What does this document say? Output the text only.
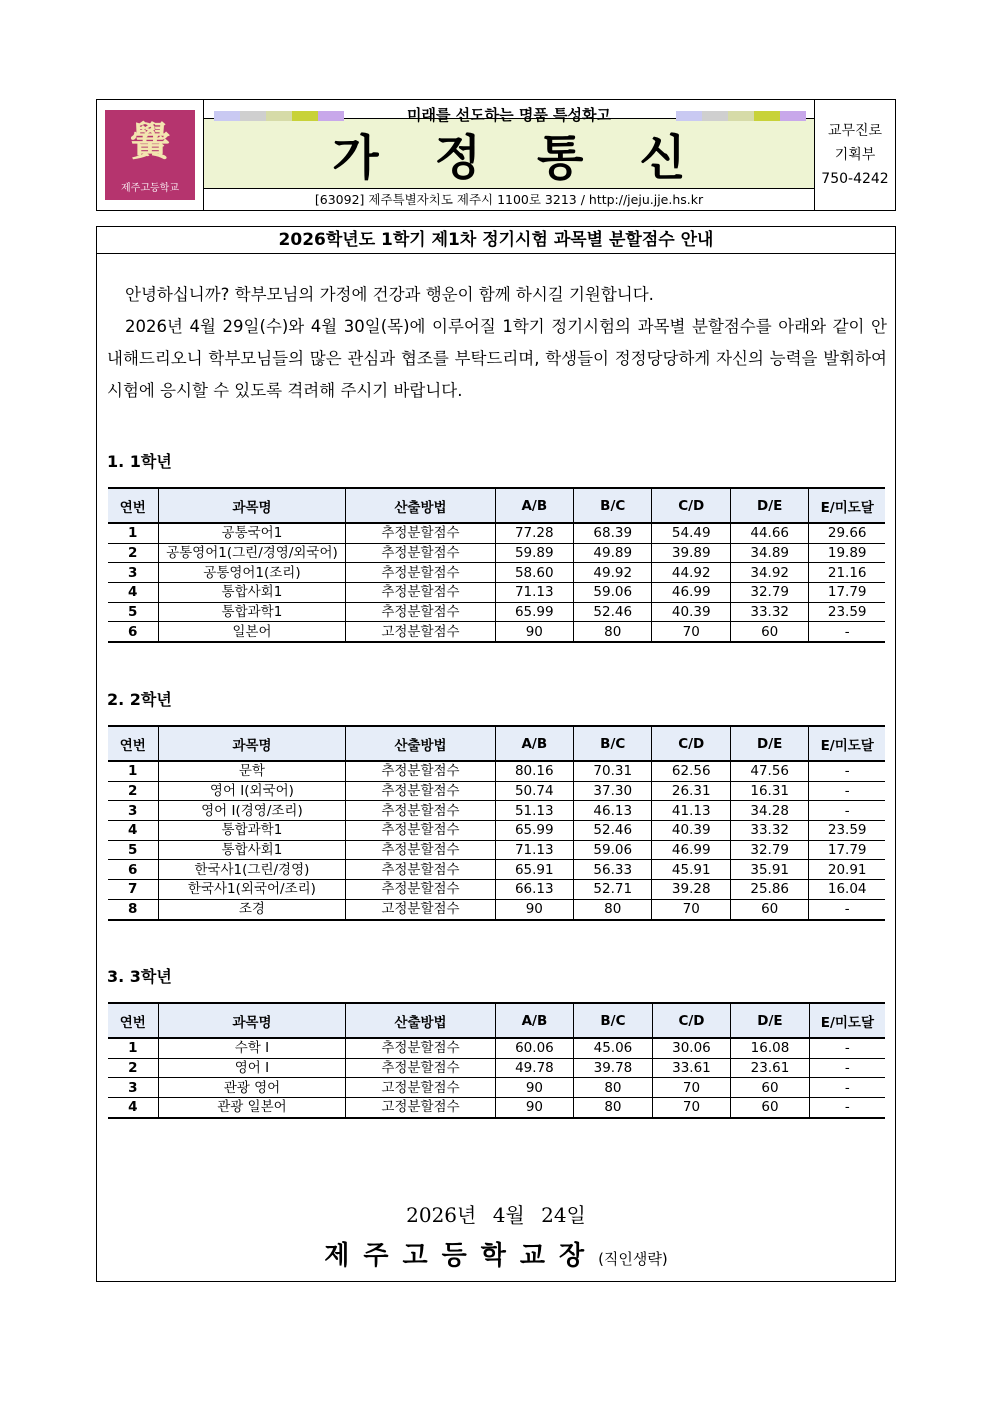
黌
제주고등학교
미래를 선도하는 명품 특성화고
가정통신
[63092] 제주특별자치도 제주시 1100로 3213 / http://jeju.jje.hs.kr
교무진로
기획부
750-4242
2026학년도 1학기 제1차 정기시험 과목별 분할점수 안내
안녕하십니까? 학부모님의 가정에 건강과 행운이 함께 하시길 기원합니다.
2026년 4월 29일(수)와 4월 30일(목)에 이루어질 1학기 정기시험의 과목별 분할점수를 아래와 같이 안내해드리오니 학부모님들의 많은 관심과 협조를 부탁드리며, 학생들이 정정당당하게 자신의 능력을 발휘하여 시험에 응시할 수 있도록 격려해 주시기 바랍니다.
1. 1학년
연번	과목명	산출방법	A/B	B/C	C/D	D/E	E/미도달
1	공통국어1	추정분할점수	77.28	68.39	54.49	44.66	29.66
2	공통영어1(그린/경영/외국어)	추정분할점수	59.89	49.89	39.89	34.89	19.89
3	공통영어1(조리)	추정분할점수	58.60	49.92	44.92	34.92	21.16
4	통합사회1	추정분할점수	71.13	59.06	46.99	32.79	17.79
5	통합과학1	추정분할점수	65.99	52.46	40.39	33.32	23.59
6	일본어	고정분할점수	90	80	70	60	-
2. 2학년
연번	과목명	산출방법	A/B	B/C	C/D	D/E	E/미도달
1	문학	추정분할점수	80.16	70.31	62.56	47.56	-
2	영어 Ⅰ(외국어)	추정분할점수	50.74	37.30	26.31	16.31	-
3	영어 Ⅰ(경영/조리)	추정분할점수	51.13	46.13	41.13	34.28	-
4	통합과학1	추정분할점수	65.99	52.46	40.39	33.32	23.59
5	통합사회1	추정분할점수	71.13	59.06	46.99	32.79	17.79
6	한국사1(그린/경영)	추정분할점수	65.91	56.33	45.91	35.91	20.91
7	한국사1(외국어/조리)	추정분할점수	66.13	52.71	39.28	25.86	16.04
8	조경	고정분할점수	90	80	70	60	-
3. 3학년
연번	과목명	산출방법	A/B	B/C	C/D	D/E	E/미도달
1	수학 Ⅰ	추정분할점수	60.06	45.06	30.06	16.08	-
2	영어 Ⅰ	추정분할점수	49.78	39.78	33.61	23.61	-
3	관광 영어	고정분할점수	90	80	70	60	-
4	관광 일본어	고정분할점수	90	80	70	60	-
2026년 4월 24일
제주고등학교장(직인생략)
